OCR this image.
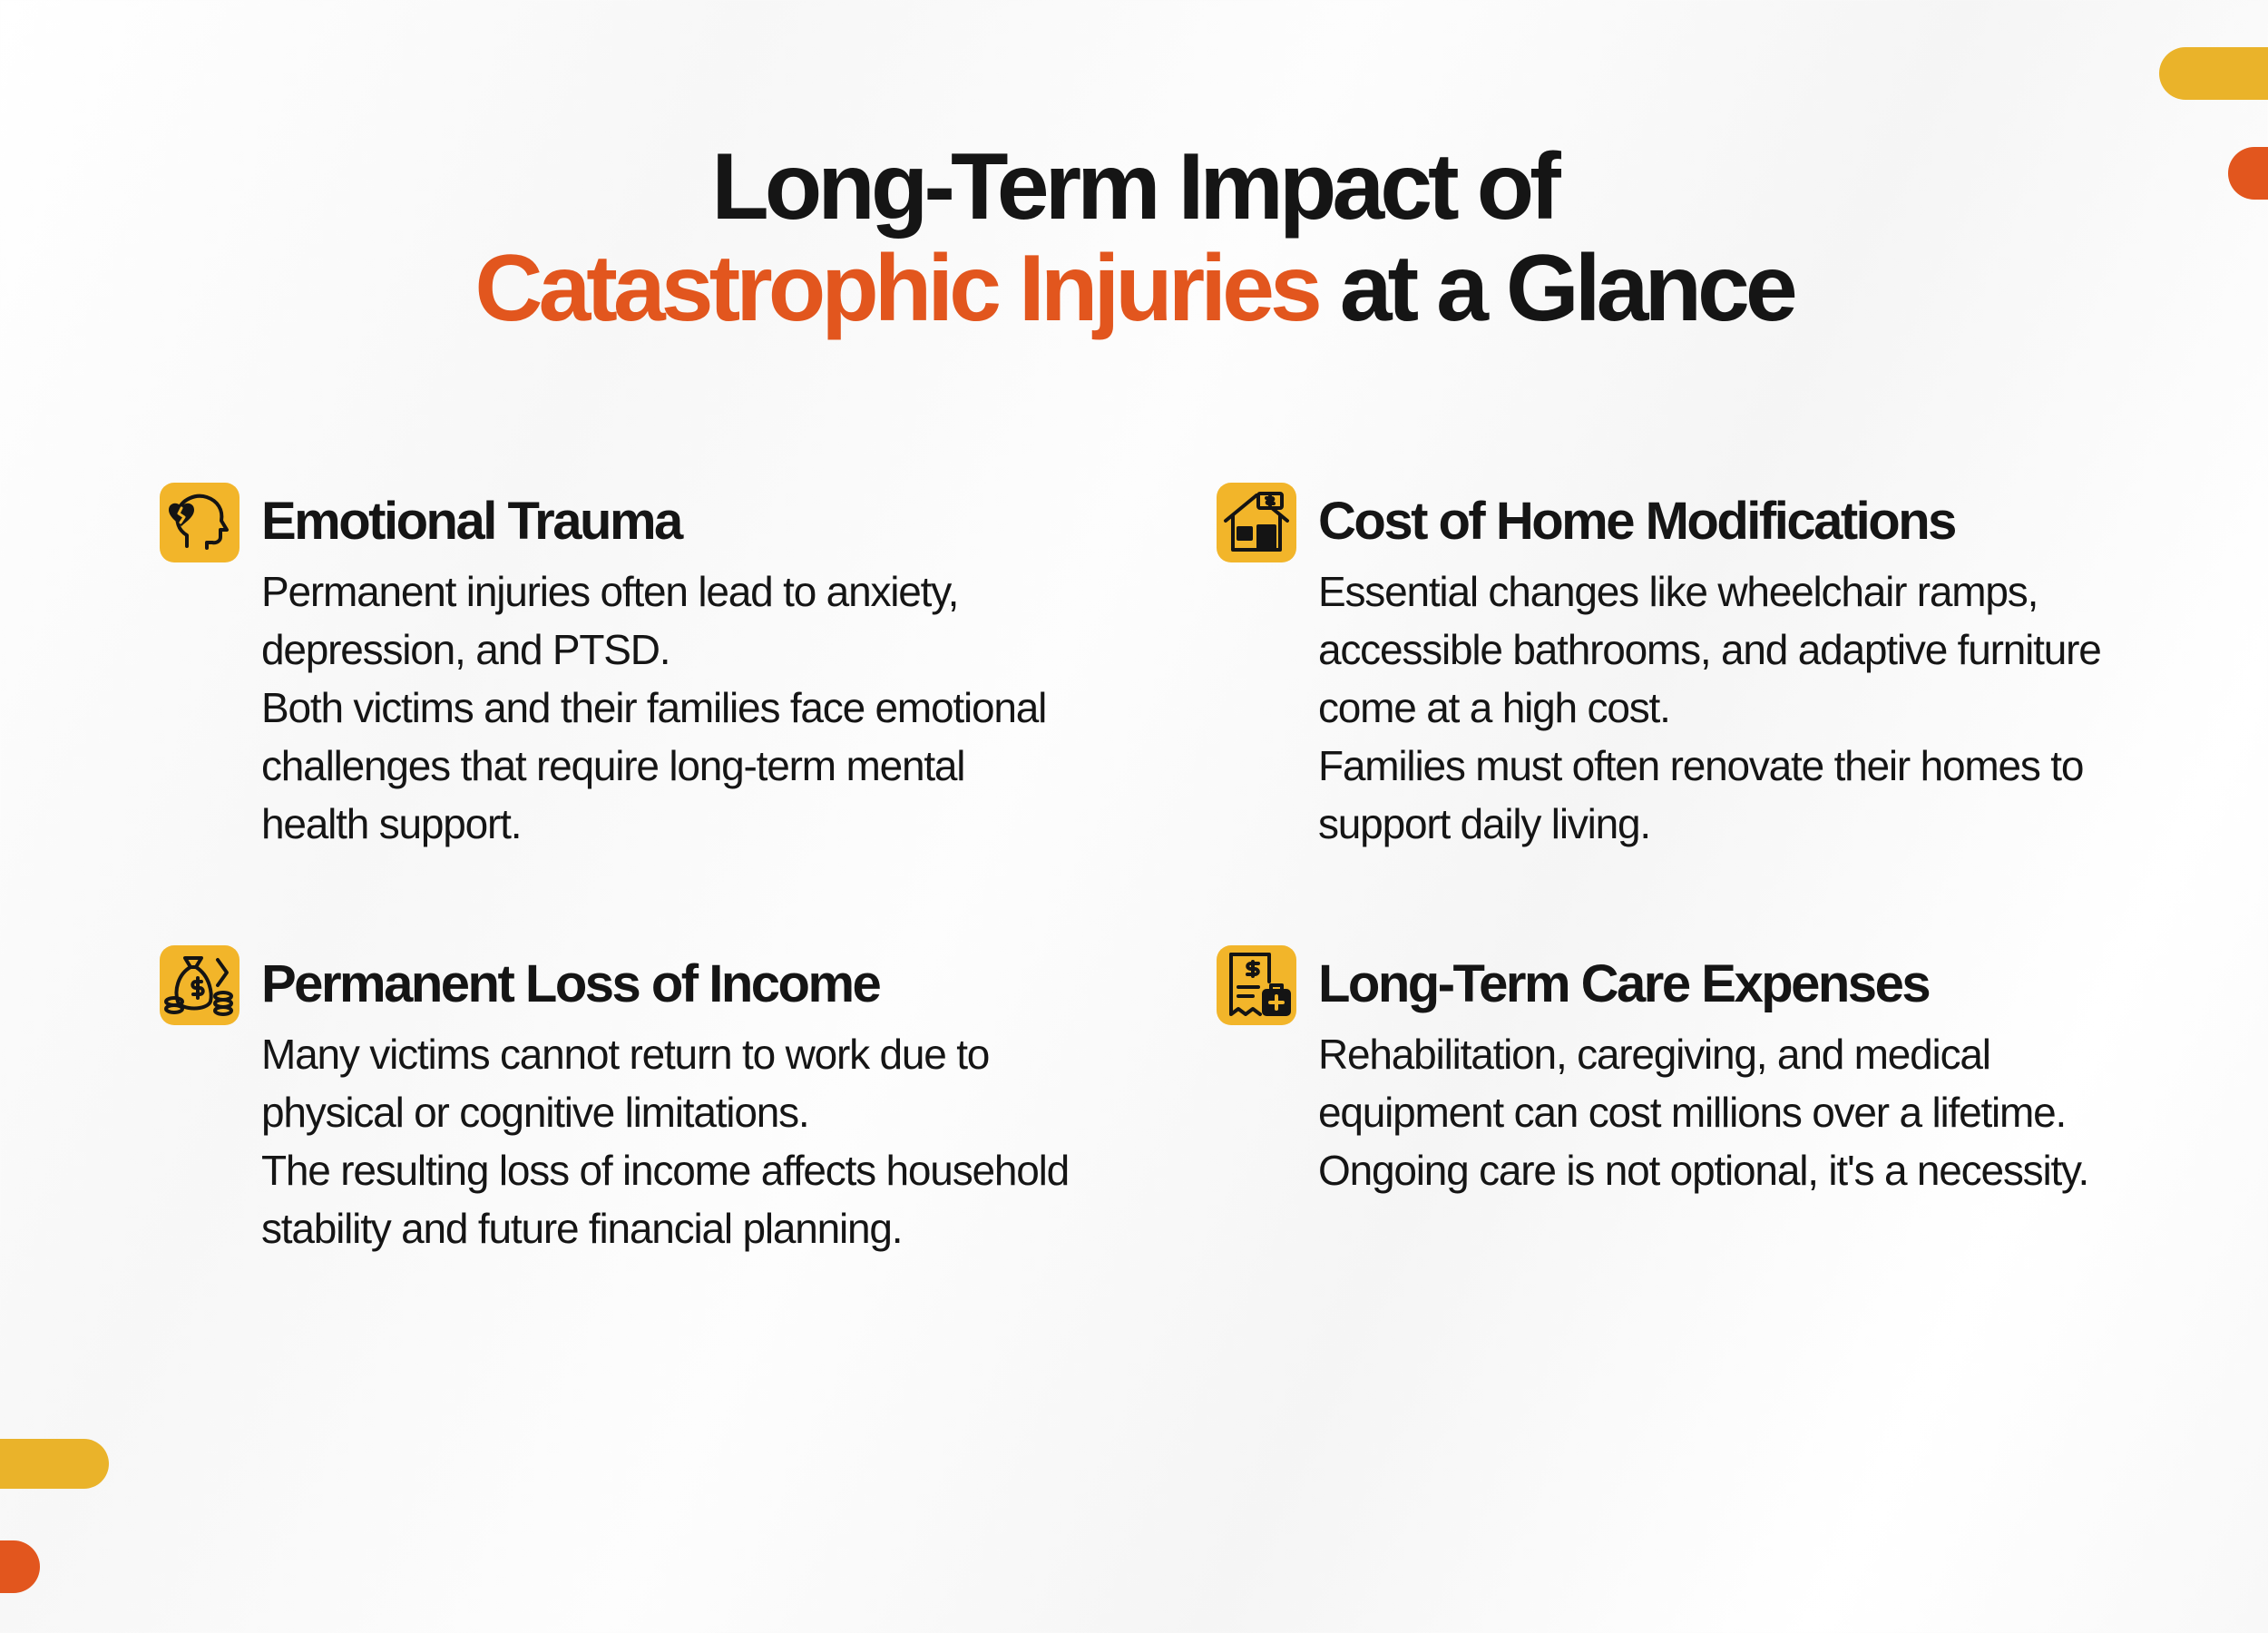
Long-Term Impact of
Catastrophic Injuries at a Glance
Emotional Trauma

Permanent injuries often lead to anxiety, depression, and PTSD.

Both victims and their families face emotional challenges that require long-term mental health support.

Cost of Home Modifications

Essential changes like wheelchair ramps, accessible bathrooms, and adaptive furniture come at a high cost.

Families must often renovate their homes to support daily living.

Permanent Loss of Income

Many victims cannot return to work due to physical or cognitive limitations.

The resulting loss of income affects household stability and future financial planning.

Long-Term Care Expenses

Rehabilitation, caregiving, and medical equipment can cost millions over a lifetime.

Ongoing care is not optional, it's a necessity.
